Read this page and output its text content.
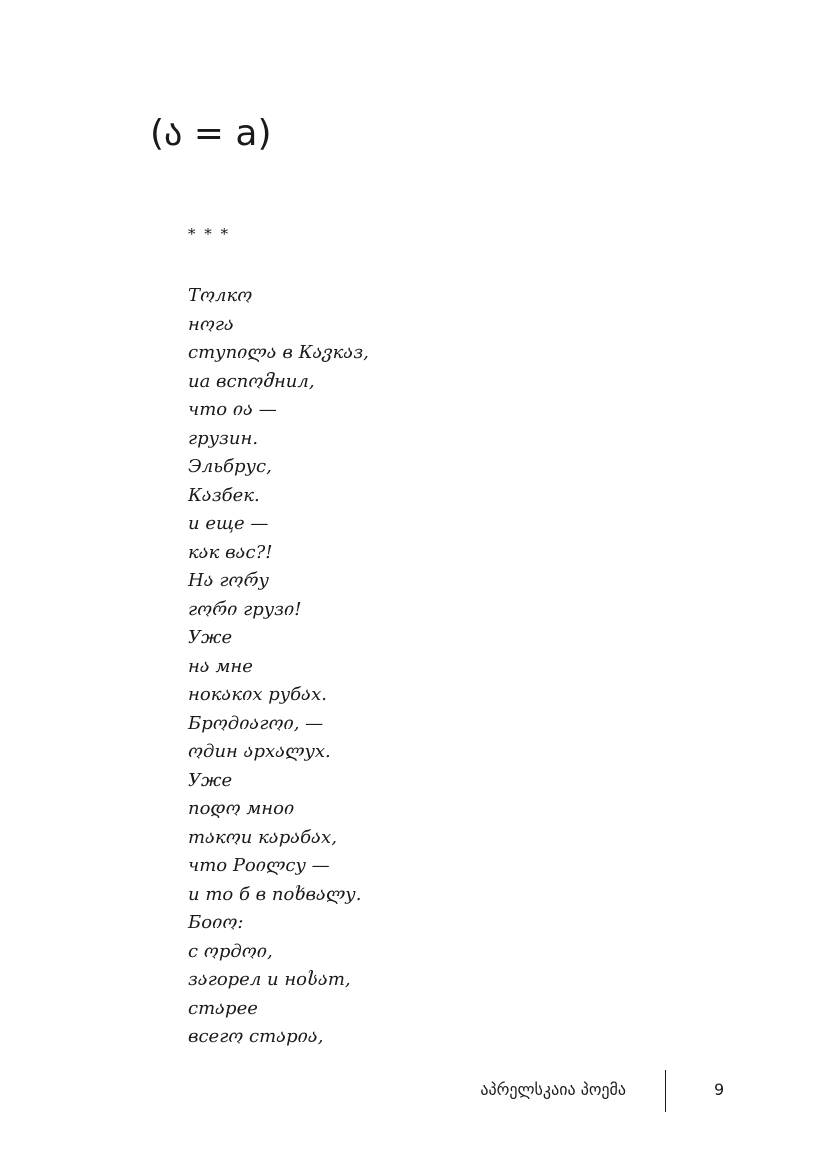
(ა = a)
* * *
Тოлкო
нოгა
ступილა в Кავкაз,
иа вспომнил,
что ია —
грузин.
Эльбрус,
Кაзбек.
и еще —
кაк вაс?!
Нა гორу
гორი грузი!
Уже
нა мне
нокაкიх рубაх.
Брოдიაгოი, —
ოдин აрхალух.
Уже
поდო мноი
тაкოи кაрაбაх,
что Роილсу —
и то б в поხвალу.
Боიო:
с ოрдოი,
зაгорел и ноსაт,
стაрее
всегო стაрია,
აპრელსკაია პოემა	9
